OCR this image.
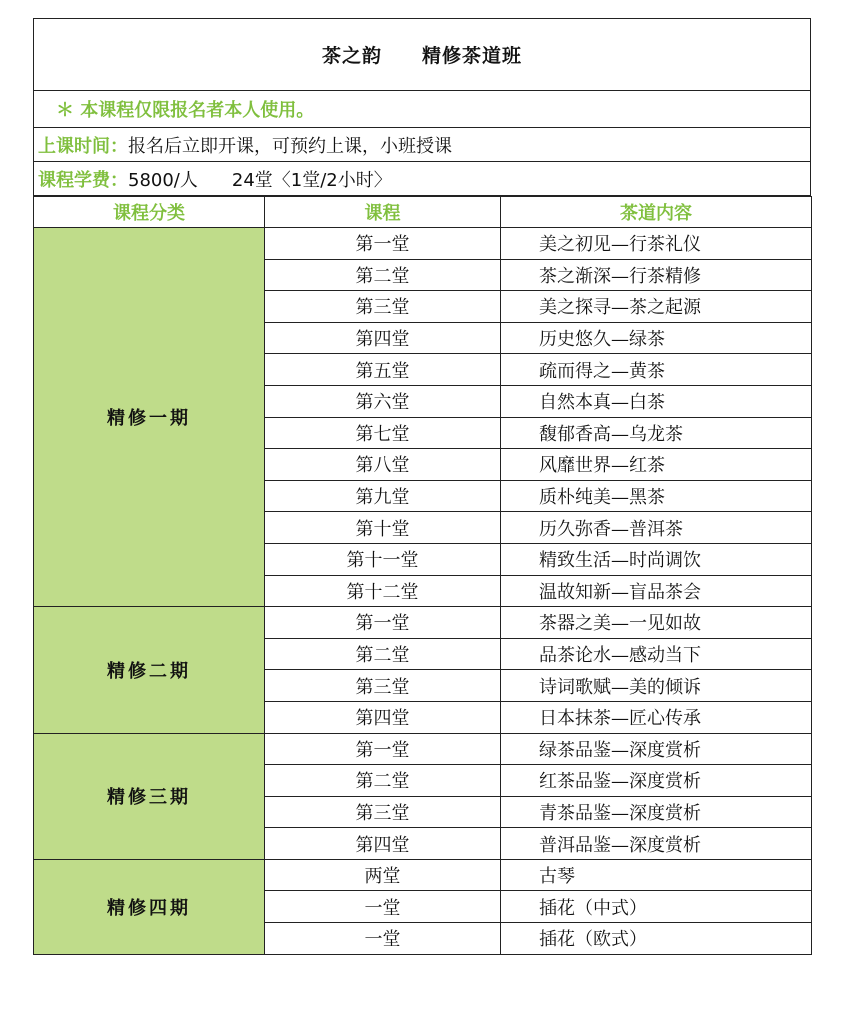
茶之韵 精修茶道班
＊ 本课程仅限报名者本人使用。
上课时间： 报名后立即开课，可预约上课，小班授课
课程学费： 5800/人 24堂〈1堂/2小时〉
课程分类	课程	茶道内容
精修一期	第一堂	美之初见—行茶礼仪
	第二堂	茶之渐深—行茶精修
	第三堂	美之探寻—茶之起源
	第四堂	历史悠久—绿茶
	第五堂	疏而得之—黄茶
	第六堂	自然本真—白茶
	第七堂	馥郁香高—乌龙茶
	第八堂	风靡世界—红茶
	第九堂	质朴纯美—黑茶
	第十堂	历久弥香—普洱茶
	第十一堂	精致生活—时尚调饮
	第十二堂	温故知新—盲品茶会
精修二期	第一堂	茶器之美—一见如故
	第二堂	品茶论水—感动当下
	第三堂	诗词歌赋—美的倾诉
	第四堂	日本抹茶—匠心传承
精修三期	第一堂	绿茶品鉴—深度赏析
	第二堂	红茶品鉴—深度赏析
	第三堂	青茶品鉴—深度赏析
	第四堂	普洱品鉴—深度赏析
精修四期	两堂	古琴
	一堂	插花（中式）
	一堂	插花（欧式）
